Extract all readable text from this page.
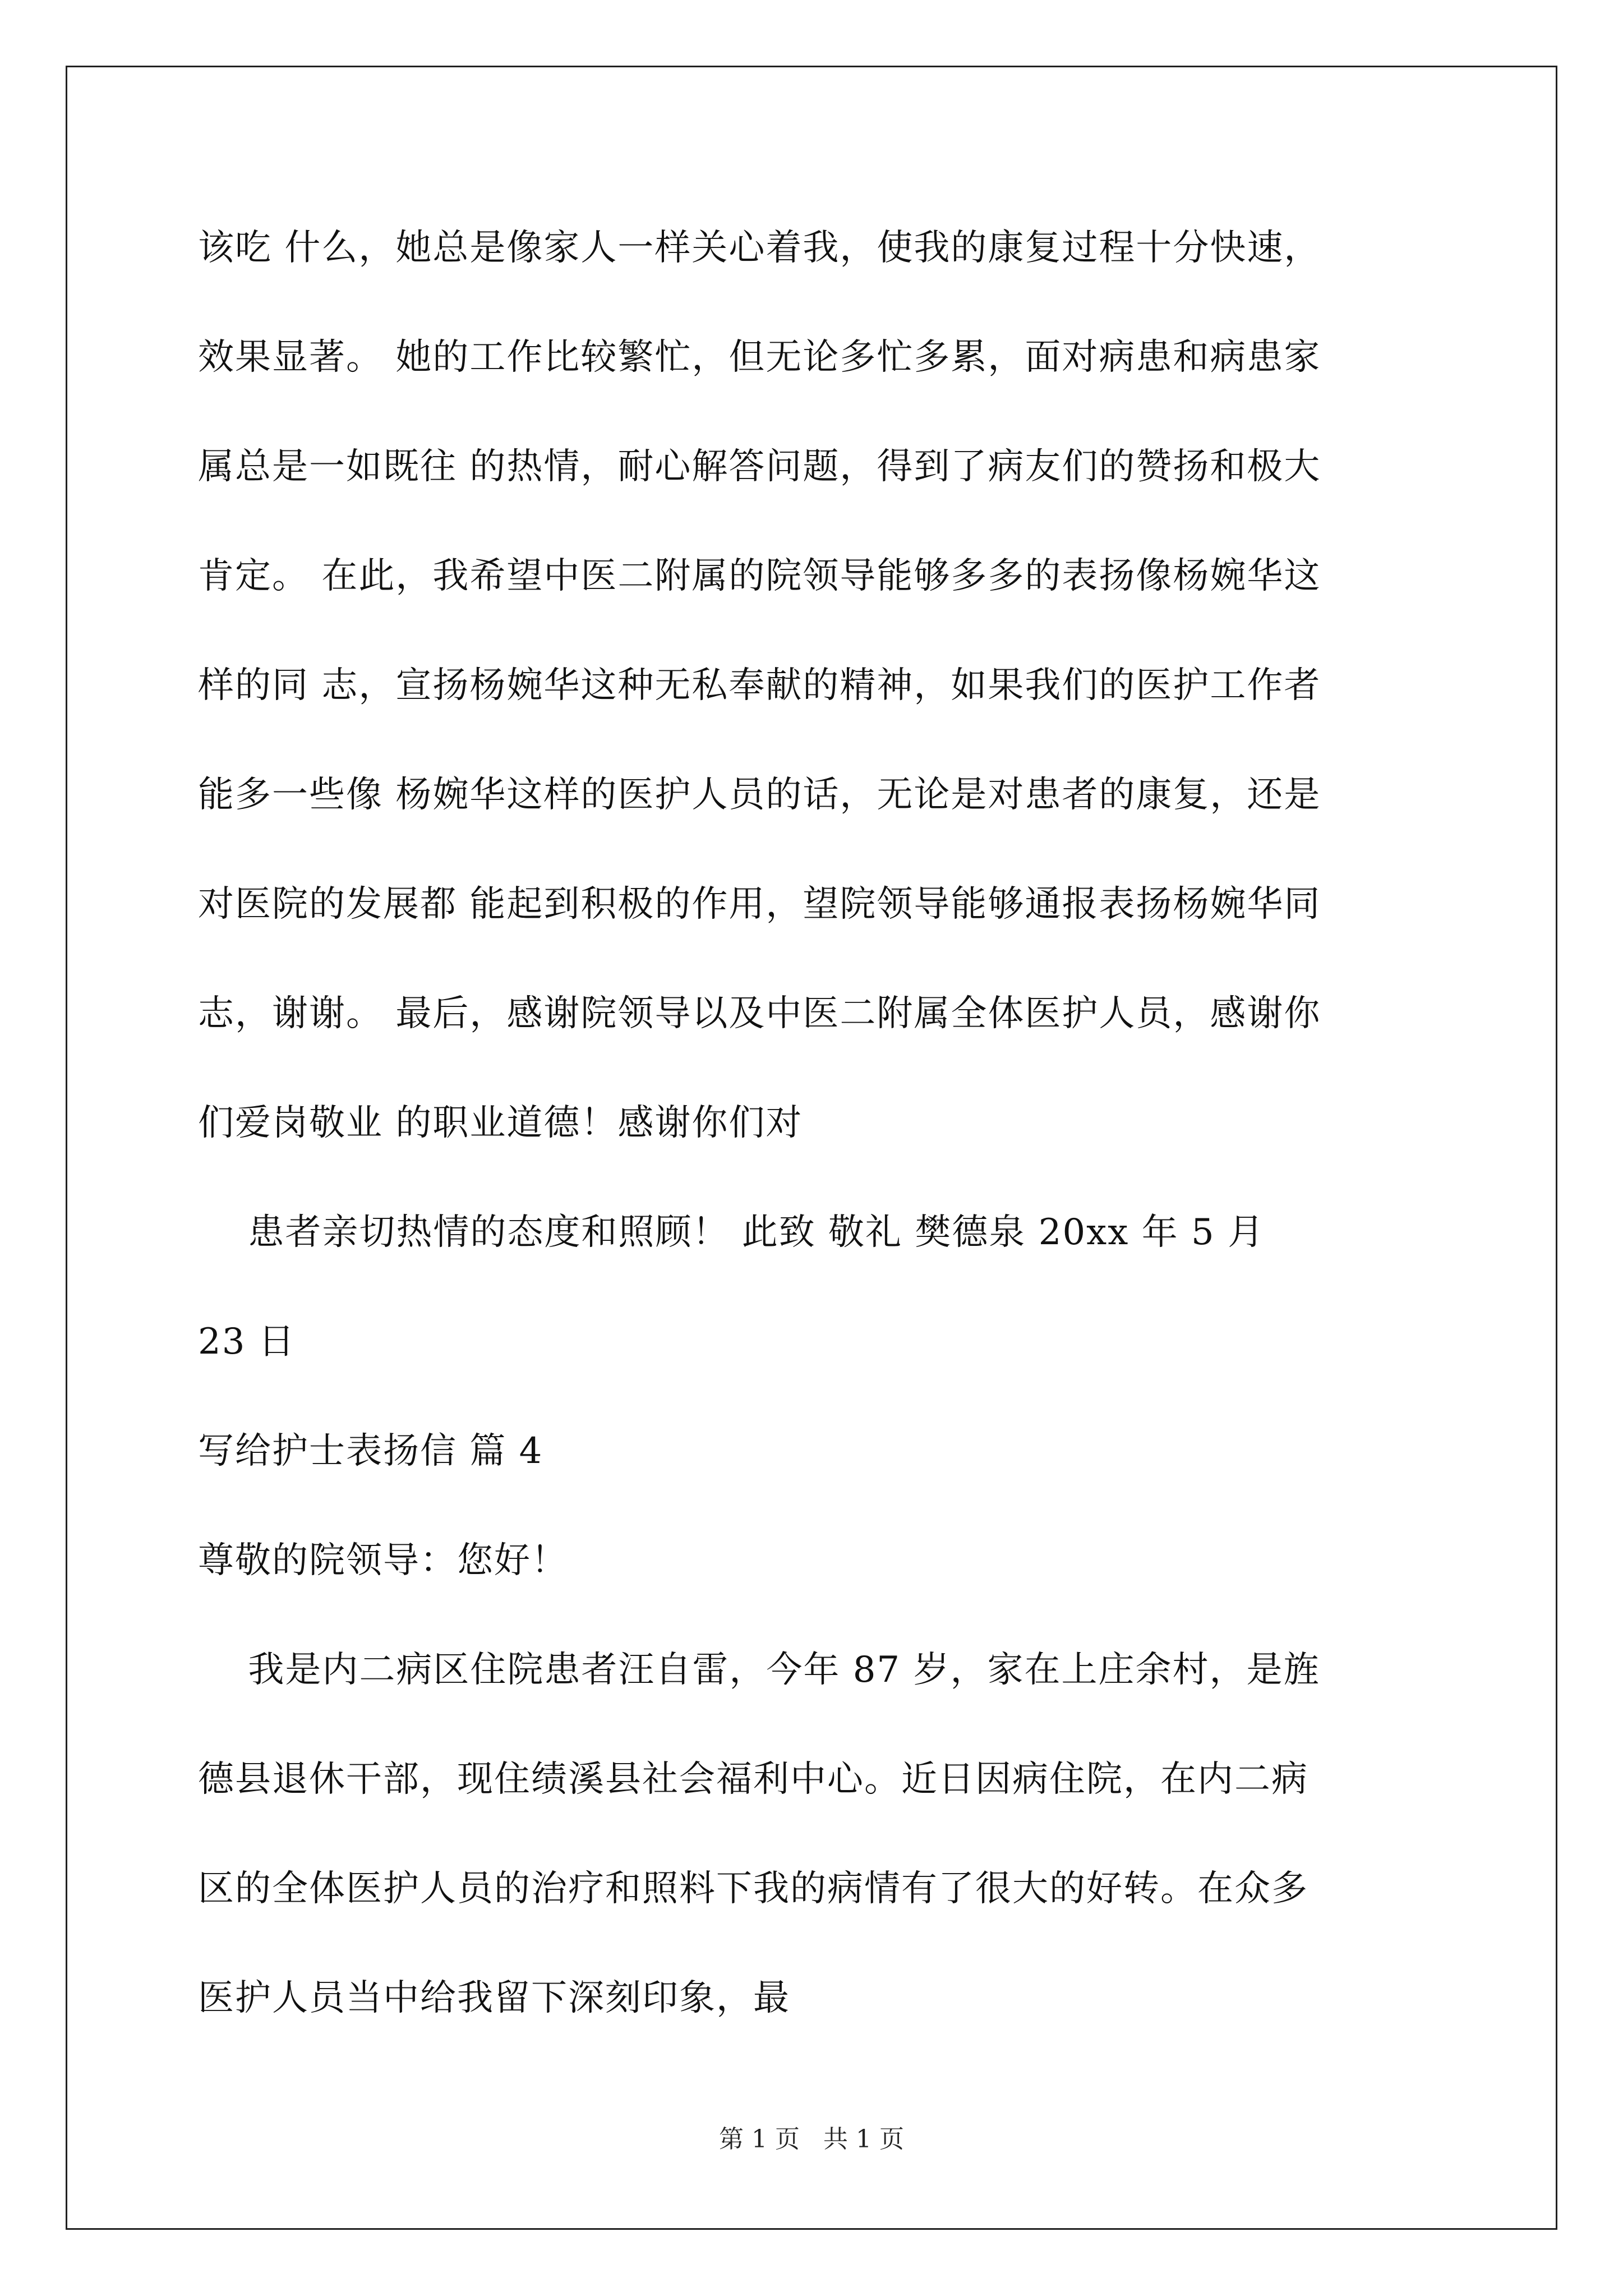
该吃 什么，她总是像家人一样关心着我，使我的康复过程十分快速，

效果显著。 她的工作比较繁忙，但无论多忙多累，面对病患和病患家

属总是一如既往 的热情，耐心解答问题，得到了病友们的赞扬和极大

肯定。 在此，我希望中医二附属的院领导能够多多的表扬像杨婉华这

样的同 志，宣扬杨婉华这种无私奉献的精神，如果我们的医护工作者

能多一些像 杨婉华这样的医护人员的话，无论是对患者的康复，还是

对医院的发展都 能起到积极的作用，望院领导能够通报表扬杨婉华同

志，谢谢。 最后，感谢院领导以及中医二附属全体医护人员，感谢你

们爱岗敬业 的职业道德！感谢你们对

患者亲切热情的态度和照顾！ 此致 敬礼 樊德泉 20xx 年 5 月

23 日

写给护士表扬信 篇 4

尊敬的院领导：您好！

我是内二病区住院患者汪自雷，今年 87 岁，家在上庄余村，是旌

德县退休干部，现住绩溪县社会福利中心。近日因病住院，在内二病

区的全体医护人员的治疗和照料下我的病情有了很大的好转。在众多

医护人员当中给我留下深刻印象，最

第 1 页   共 1 页
